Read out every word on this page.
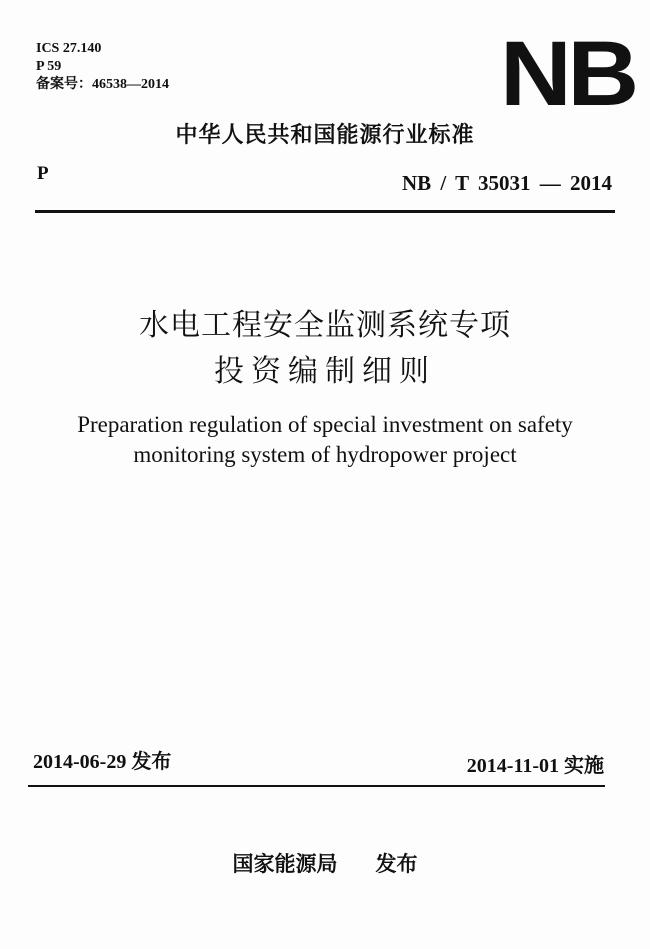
ICS 27.140
P 59
备案号：46538—2014	NB
中华人民共和国能源行业标准
P	NB / T 35031 — 2014
水电工程安全监测系统专项
投资编制细则
Preparation regulation of special investment on safety
monitoring system of hydropower project
2014-06-29 发布	2014-11-01 实施
国家能源局 发布
